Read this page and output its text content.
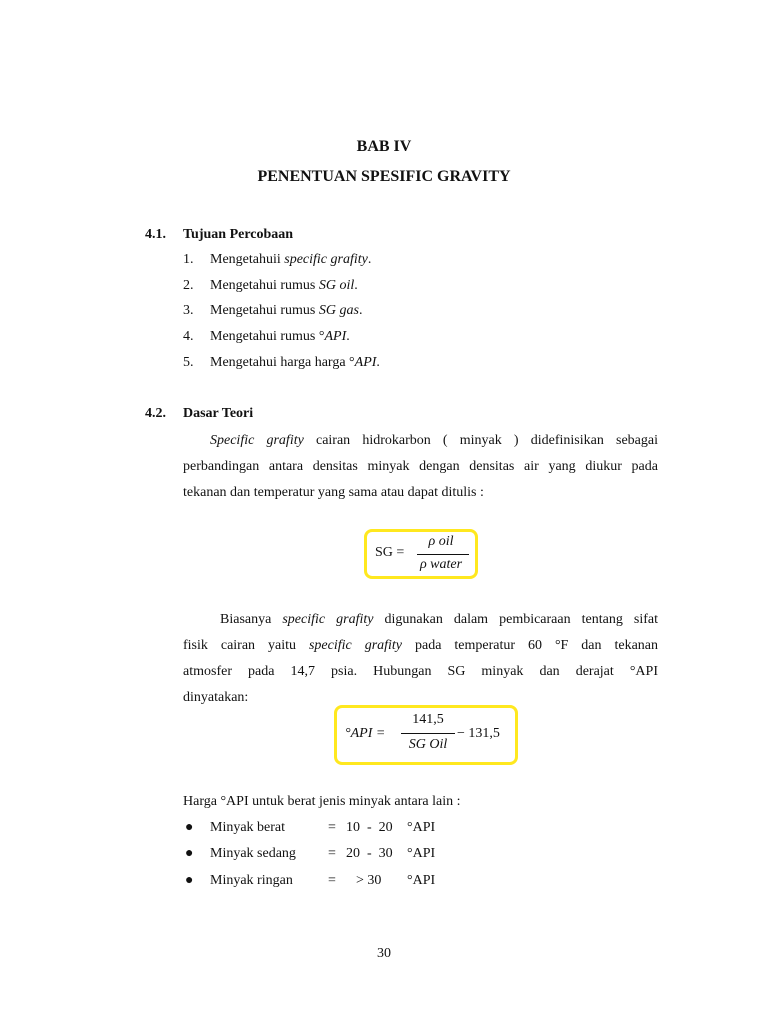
BAB IV
PENENTUAN SPESIFIC GRAVITY
4.1. Tujuan Percobaan
1. Mengetahuii specific grafity.
2. Mengetahui rumus SG oil.
3. Mengetahui rumus SG gas.
4. Mengetahui rumus °API.
5. Mengetahui harga harga °API.
4.2. Dasar Teori
Specific grafity cairan hidrokarbon ( minyak ) didefinisikan sebagai
perbandingan antara densitas minyak dengan densitas air yang diukur pada
tekanan dan temperatur yang sama atau dapat ditulis :
SG =
ρ oil
ρ water
Biasanya specific grafity digunakan dalam pembicaraan tentang sifat
fisik cairan yaitu specific grafity pada temperatur 60 °F dan tekanan
atmosfer pada 14,7 psia. Hubungan SG minyak dan derajat °API
dinyatakan:
°API =
141,5
SG Oil
− 131,5
Harga °API untuk berat jenis minyak antara lain :
● Minyak berat	= 10  -  20 °API
● Minyak sedang = 20  -  30 °API
● Minyak ringan	= > 30 °API
30
